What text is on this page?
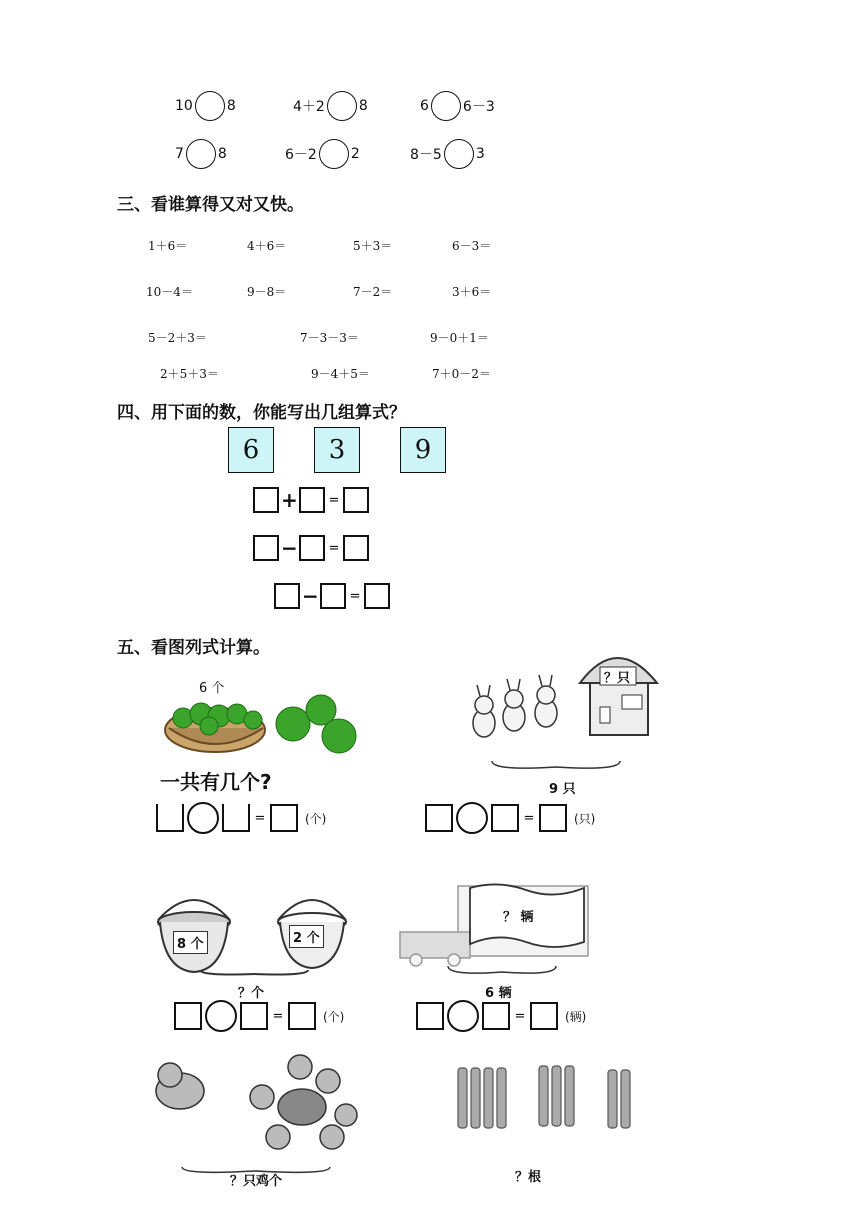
10 8	4＋2 8	6 6－3
7 8	6－2 2	8－5 3
三、看谁算得又对又快。
1＋6＝	4＋6＝	5＋3＝	6－3＝
10－4＝	9－8＝	7－2＝	3＋6＝
5－2＋3＝	7－3－3＝	9－0＋1＝
2＋5＋3＝	9－4＋5＝	7＋0－2＝
四、用下面的数，你能写出几组算式？
6	3	9
+ =
− =
− =
五、看图列式计算。
6 个
一共有几个?
=	(个)
？只
9 只
=	(只)
8 个	2 个
？个
=	(个)
？ 辆
6 辆
=	(辆)
？只鸡个	？根
